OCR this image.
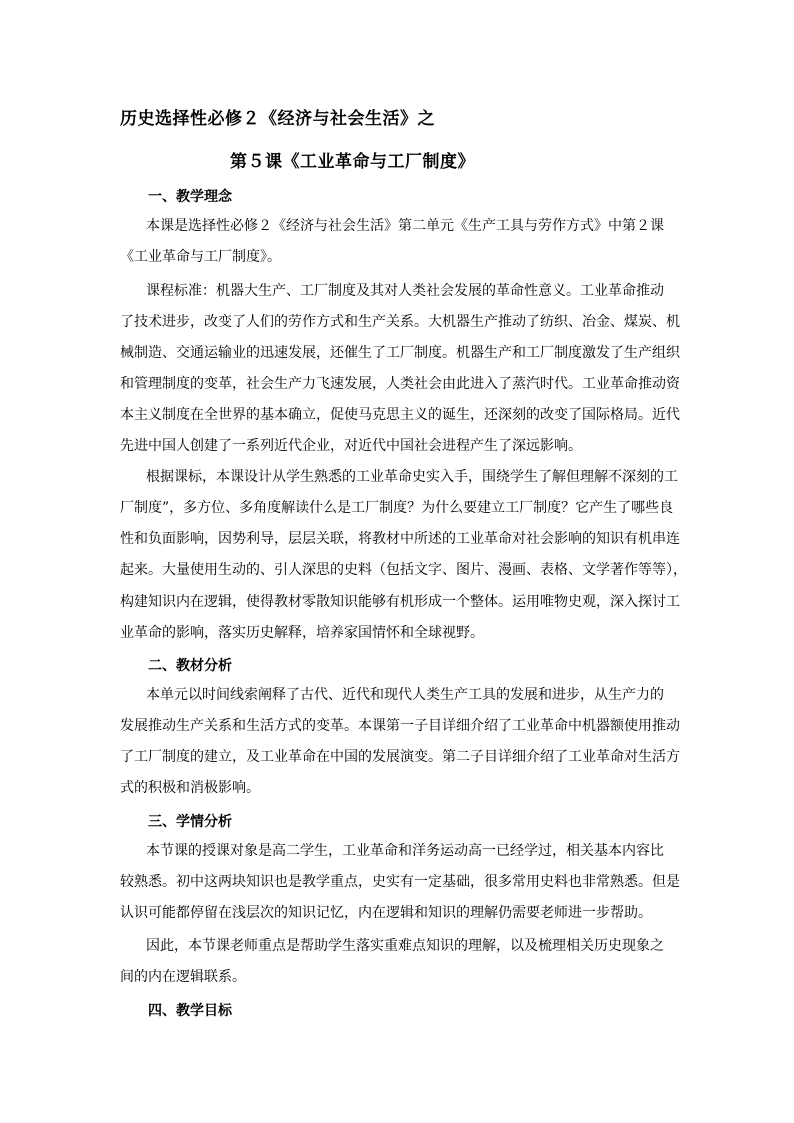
历史选择性必修２《经济与社会生活》之
第５课《工业革命与工厂制度》
一、教学理念
本课是选择性必修２《经济与社会生活》第二单元《生产工具与劳作方式》中第２课
《工业革命与工厂制度》。
课程标准：机器大生产、工厂制度及其对人类社会发展的革命性意义。工业革命推动
了技术进步，改变了人们的劳作方式和生产关系。大机器生产推动了纺织、冶金、煤炭、机
械制造、交通运输业的迅速发展，还催生了工厂制度。机器生产和工厂制度激发了生产组织
和管理制度的变革，社会生产力飞速发展，人类社会由此进入了蒸汽时代。工业革命推动资
本主义制度在全世界的基本确立，促使马克思主义的诞生，还深刻的改变了国际格局。近代
先进中国人创建了一系列近代企业，对近代中国社会进程产生了深远影响。
根据课标，本课设计从学生熟悉的工业革命史实入手，围绕学生了解但理解不深刻的工
厂制度”，多方位、多角度解读什么是工厂制度？为什么要建立工厂制度？它产生了哪些良
性和负面影响，因势利导，层层关联，将教材中所述的工业革命对社会影响的知识有机串连
起来。大量使用生动的、引人深思的史料（包括文字、图片、漫画、表格、文学著作等等），
构建知识内在逻辑，使得教材零散知识能够有机形成一个整体。运用唯物史观，深入探讨工
业革命的影响，落实历史解释，培养家国情怀和全球视野。
二、教材分析
本单元以时间线索阐释了古代、近代和现代人类生产工具的发展和进步，从生产力的
发展推动生产关系和生活方式的变革。本课第一子目详细介绍了工业革命中机器额使用推动
了工厂制度的建立，及工业革命在中国的发展演变。第二子目详细介绍了工业革命对生活方
式的积极和消极影响。
三、学情分析
本节课的授课对象是高二学生，工业革命和洋务运动高一已经学过，相关基本内容比
较熟悉。初中这两块知识也是教学重点，史实有一定基础，很多常用史料也非常熟悉。但是
认识可能都停留在浅层次的知识记忆，内在逻辑和知识的理解仍需要老师进一步帮助。
因此，本节课老师重点是帮助学生落实重难点知识的理解，以及梳理相关历史现象之
间的内在逻辑联系。
四、教学目标
